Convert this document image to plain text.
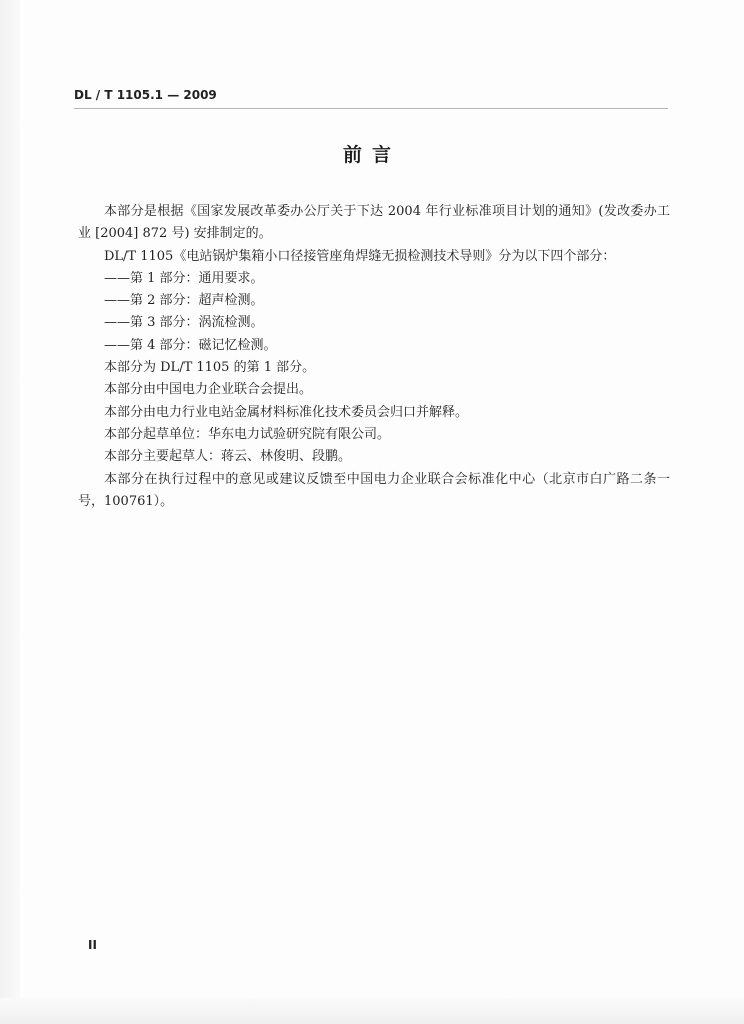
DL / T 1105.1 — 2009
前言

本部分是根据《国家发展改革委办公厅关于下达 2004 年行业标准项目计划的通知》(发改委办工业 [2004] 872 号) 安排制定的。

DL/T 1105《电站锅炉集箱小口径接管座角焊缝无损检测技术导则》分为以下四个部分：

——第 1 部分：通用要求。

——第 2 部分：超声检测。

——第 3 部分：涡流检测。

——第 4 部分：磁记忆检测。

本部分为 DL/T 1105 的第 1 部分。

本部分由中国电力企业联合会提出。

本部分由电力行业电站金属材料标准化技术委员会归口并解释。

本部分起草单位：华东电力试验研究院有限公司。

本部分主要起草人：蒋云、林俊明、段鹏。

本部分在执行过程中的意见或建议反馈至中国电力企业联合会标准化中心（北京市白广路二条一号，100761）。

II
